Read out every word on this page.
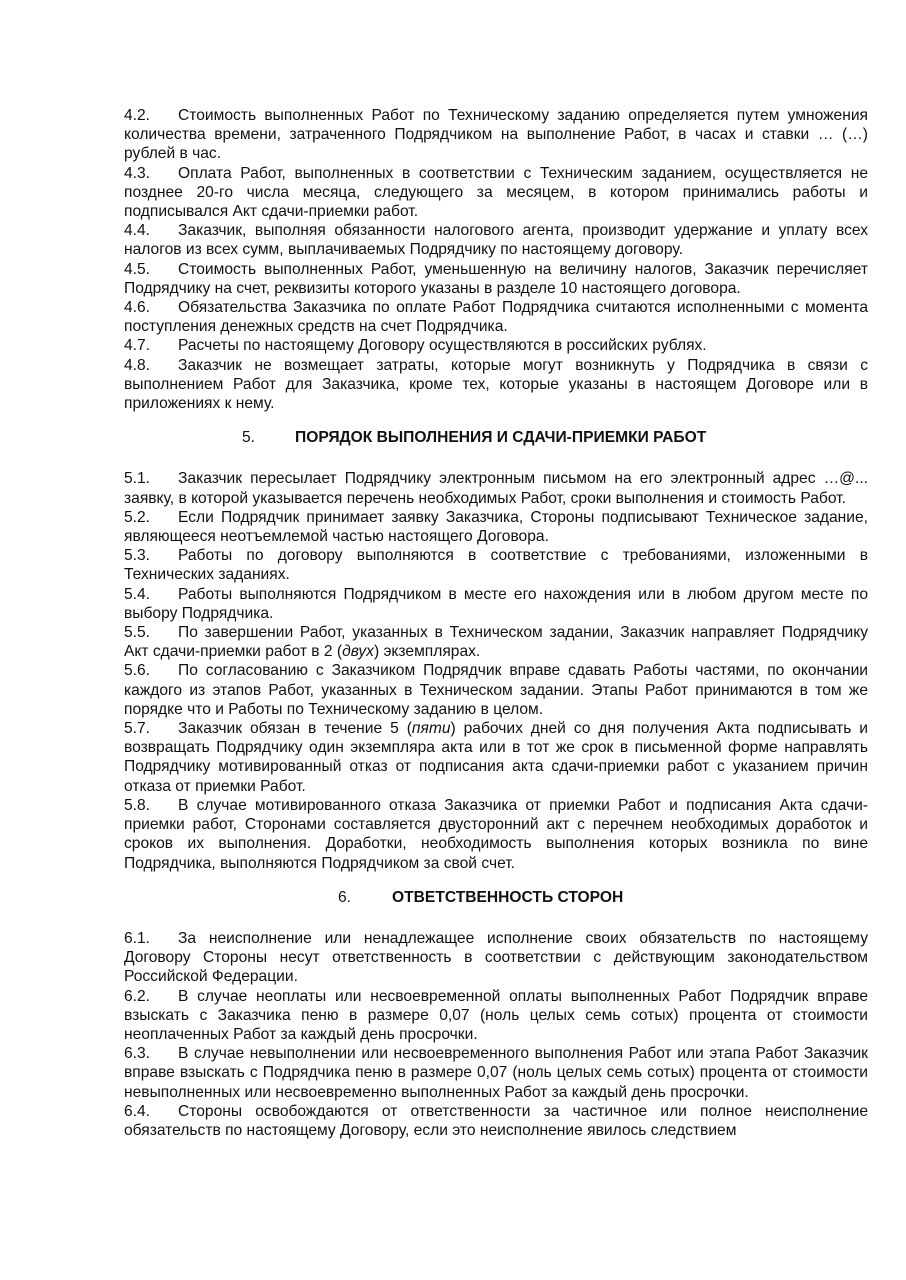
4.2. Стоимость выполненных Работ по Техническому заданию определяется путем умножения количества времени, затраченного Подрядчиком на выполнение Работ, в часах и ставки … (…) рублей в час.

4.3. Оплата Работ, выполненных в соответствии с Техническим заданием, осуществляется не позднее 20-го числа месяца, следующего за месяцем, в котором принимались работы и подписывался Акт сдачи-приемки работ.

4.4. Заказчик, выполняя обязанности налогового агента, производит удержание и уплату всех налогов из всех сумм, выплачиваемых Подрядчику по настоящему договору.

4.5. Стоимость выполненных Работ, уменьшенную на величину налогов, Заказчик перечисляет Подрядчику на счет, реквизиты которого указаны в разделе 10 настоящего договора.

4.6. Обязательства Заказчика по оплате Работ Подрядчика считаются исполненными с момента поступления денежных средств на счет Подрядчика.

4.7. Расчеты по настоящему Договору осуществляются в российских рублях.

4.8. Заказчик не возмещает затраты, которые могут возникнуть у Подрядчика в связи с выполнением Работ для Заказчика, кроме тех, которые указаны в настоящем Договоре или в приложениях к нему.

5.	ПОРЯДОК ВЫПОЛНЕНИЯ И СДАЧИ-ПРИЕМКИ РАБОТ

5.1. Заказчик пересылает Подрядчику электронным письмом на его электронный адрес …@... заявку, в которой указывается перечень необходимых Работ, сроки выполнения и стоимость Работ.

5.2. Если Подрядчик принимает заявку Заказчика, Стороны подписывают Техническое задание, являющееся неотъемлемой частью настоящего Договора.

5.3. Работы по договору выполняются в соответствие с требованиями, изложенными в Технических заданиях.

5.4. Работы выполняются Подрядчиком в месте его нахождения или в любом другом месте по выбору Подрядчика.

5.5. По завершении Работ, указанных в Техническом задании, Заказчик направляет Подрядчику Акт сдачи-приемки работ в 2 (двух) экземплярах.

5.6. По согласованию с Заказчиком Подрядчик вправе сдавать Работы частями, по окончании каждого из этапов Работ, указанных в Техническом задании. Этапы Работ принимаются в том же порядке что и Работы по Техническому заданию в целом.

5.7. Заказчик обязан в течение 5 (пяти) рабочих дней со дня получения Акта подписывать и возвращать Подрядчику один экземпляра акта или в тот же срок в письменной форме направлять Подрядчику мотивированный отказ от подписания акта сдачи-приемки работ с указанием причин отказа от приемки Работ.

5.8. В случае мотивированного отказа Заказчика от приемки Работ и подписания Акта сдачи-приемки работ, Сторонами составляется двусторонний акт с перечнем необходимых доработок и сроков их выполнения. Доработки, необходимость выполнения которых возникла по вине Подрядчика, выполняются Подрядчиком за свой счет.

6.	ОТВЕТСТВЕННОСТЬ СТОРОН

6.1. За неисполнение или ненадлежащее исполнение своих обязательств по настоящему Договору Стороны несут ответственность в соответствии с действующим законодательством Российской Федерации.

6.2. В случае неоплаты или несвоевременной оплаты выполненных Работ Подрядчик вправе взыскать с Заказчика пеню в размере 0,07 (ноль целых семь сотых) процента от стоимости неоплаченных Работ за каждый день просрочки.

6.3. В случае невыполнении или несвоевременного выполнения Работ или этапа Работ Заказчик вправе взыскать с Подрядчика пеню в размере 0,07 (ноль целых семь сотых) процента от стоимости невыполненных или несвоевременно выполненных Работ за каждый день просрочки.

6.4. Стороны освобождаются от ответственности за частичное или полное неисполнение обязательств по настоящему Договору, если это неисполнение явилось следствием
